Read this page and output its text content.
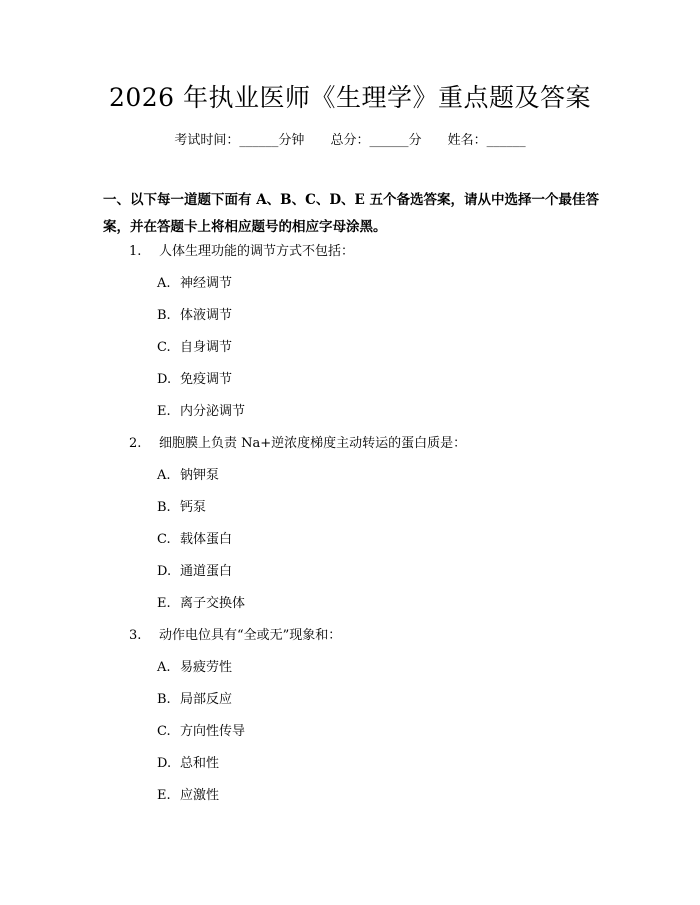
2026 年执业医师《生理学》重点题及答案
考试时间：______分钟 总分：______分 姓名：______
一、以下每一道题下面有 A、B、C、D、E 五个备选答案，请从中选择一个最佳答案，并在答题卡上将相应题号的相应字母涂黑。
1. 人体生理功能的调节方式不包括：
A. 神经调节
B. 体液调节
C. 自身调节
D. 免疫调节
E. 内分泌调节
2. 细胞膜上负责 Na+逆浓度梯度主动转运的蛋白质是：
A. 钠钾泵
B. 钙泵
C. 载体蛋白
D. 通道蛋白
E. 离子交换体
3. 动作电位具有“全或无”现象和：
A. 易疲劳性
B. 局部反应
C. 方向性传导
D. 总和性
E. 应激性
